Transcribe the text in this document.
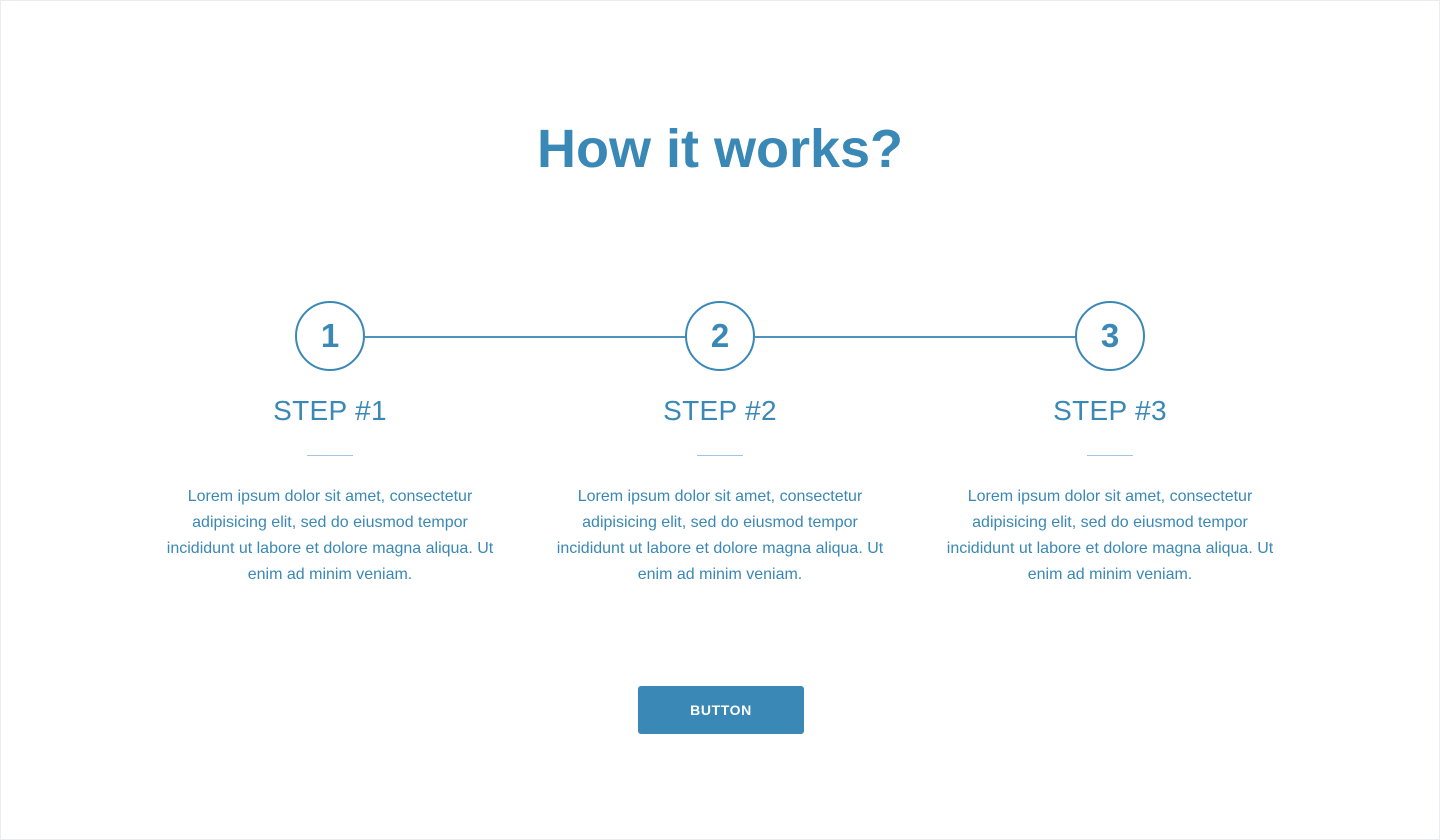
How it works?
1
STEP #1
Lorem ipsum dolor sit amet, consectetur adipisicing elit, sed do eiusmod tempor incididunt ut labore et dolore magna aliqua. Ut enim ad minim veniam.
2
STEP #2
Lorem ipsum dolor sit amet, consectetur adipisicing elit, sed do eiusmod tempor incididunt ut labore et dolore magna aliqua. Ut enim ad minim veniam.
3
STEP #3
Lorem ipsum dolor sit amet, consectetur adipisicing elit, sed do eiusmod tempor incididunt ut labore et dolore magna aliqua. Ut enim ad minim veniam.
BUTTON
